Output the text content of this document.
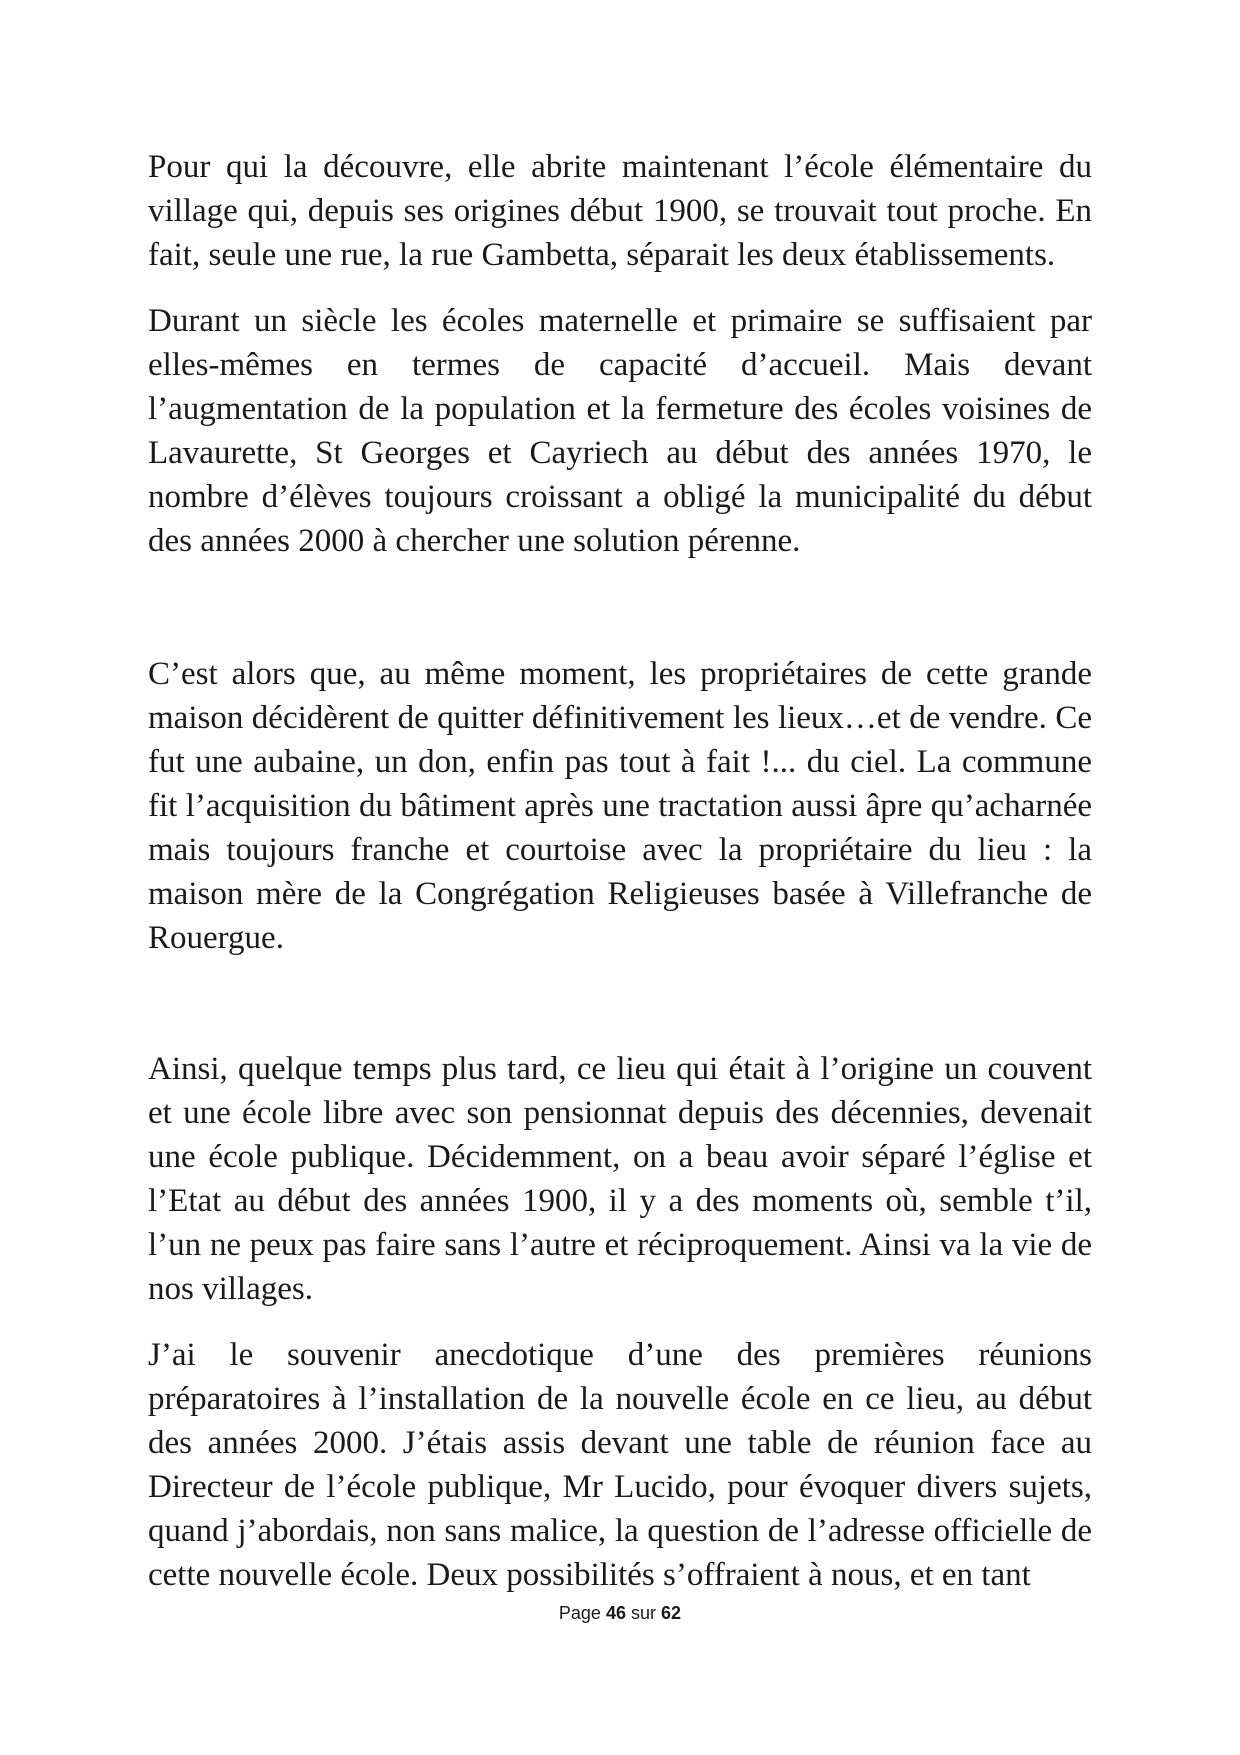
Pour qui la découvre, elle abrite maintenant l’école élémentaire du village qui, depuis ses origines début 1900, se trouvait tout proche. En fait, seule une rue, la rue Gambetta, séparait les deux établissements.

Durant un siècle les écoles maternelle et primaire se suffisaient par elles-mêmes en termes de capacité d’accueil. Mais devant l’augmentation de la population et la fermeture des écoles voisines de Lavaurette, St Georges et Cayriech au début des années 1970, le nombre d’élèves toujours croissant a obligé la municipalité du début des années 2000 à chercher une solution pérenne.

C’est alors que, au même moment, les propriétaires de cette grande maison décidèrent de quitter définitivement les lieux…et de vendre. Ce fut une aubaine, un don, enfin pas tout à fait !... du ciel. La commune fit l’acquisition du bâtiment après une tractation aussi âpre qu’acharnée mais toujours franche et courtoise avec la propriétaire du lieu : la maison mère de la Congrégation Religieuses basée à Villefranche de Rouergue.

Ainsi, quelque temps plus tard, ce lieu qui était à l’origine un couvent et une école libre avec son pensionnat depuis des décennies, devenait une école publique. Décidemment, on a beau avoir séparé l’église et l’Etat au début des années 1900, il y a des moments où, semble t’il, l’un ne peux pas faire sans l’autre et réciproquement. Ainsi va la vie de nos villages.

J’ai le souvenir anecdotique d’une des premières réunions préparatoires à l’installation de la nouvelle école en ce lieu, au début des années 2000. J’étais assis devant une table de réunion face au Directeur de l’école publique, Mr Lucido, pour évoquer divers sujets, quand j’abordais, non sans malice, la question de l’adresse officielle de cette nouvelle école. Deux possibilités s’offraient à nous, et en tant

Page 46 sur 62
